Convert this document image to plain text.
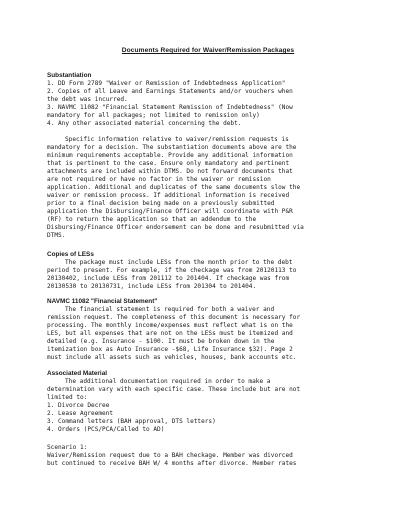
Documents Required for Waiver/Remission Packages
Substantiation
1. DD Form 2789 "Waiver or Remission of Indebtedness Application"
2. Copies of all Leave and Earnings Statements and/or vouchers when
the debt was incurred.
3. NAVMC 11082 "Financial Statement Remission of Indebtedness" (Now
mandatory for all packages; not limited to remission only)
4. Any other associated material concerning the debt.
Specific information relative to waiver/remission requests is
mandatory for a decision. The substantiation documents above are the
minimum requirements acceptable. Provide any additional information
that is pertinent to the case. Ensure only mandatory and pertinent
attachments are included within DTMS. Do not forward documents that
are not required or have no factor in the waiver or remission
application. Additional and duplicates of the same documents slow the
waiver or remission process. If additional information is received
prior to a final decision being made on a previously submitted
application the Disbursing/Finance Officer will coordinate with P&R
(RF) to return the application so that an addendum to the
Disbursing/Finance Officer endorsement can be done and resubmitted via
DTMS.
Copies of LESs
The package must include LESs from the month prior to the debt
period to present. For example, if the checkage was from 20120113 to
20130402, include LESs from 201112 to 201404. If checkage was from
20130530 to 20130731, include LESs from 201304 to 201404.
NAVMC 11082 "Financial Statement"
The financial statement is required for both a waiver and
remission request. The completeness of this document is necessary for
processing. The monthly income/expenses must reflect what is on the
LES, but all expenses that are not on the LESs must be itemized and
detailed (e.g. Insurance - $100. It must be broken down in the
itemization box as Auto Insurance -$68, Life Insurance $32). Page 2
must include all assets such as vehicles, houses, bank accounts etc.
Associated Material
The additional documentation required in order to make a
determination vary with each specific case. These include but are not
limited to:
1. Divorce Decree
2. Lease Agreement
3. Command letters (BAH approval, DTS letters)
4. Orders (PCS/PCA/Called to AD)
Scenario 1:
Waiver/Remission request due to a BAH checkage. Member was divorced
but continued to receive BAH W/ 4 months after divorce. Member rates
